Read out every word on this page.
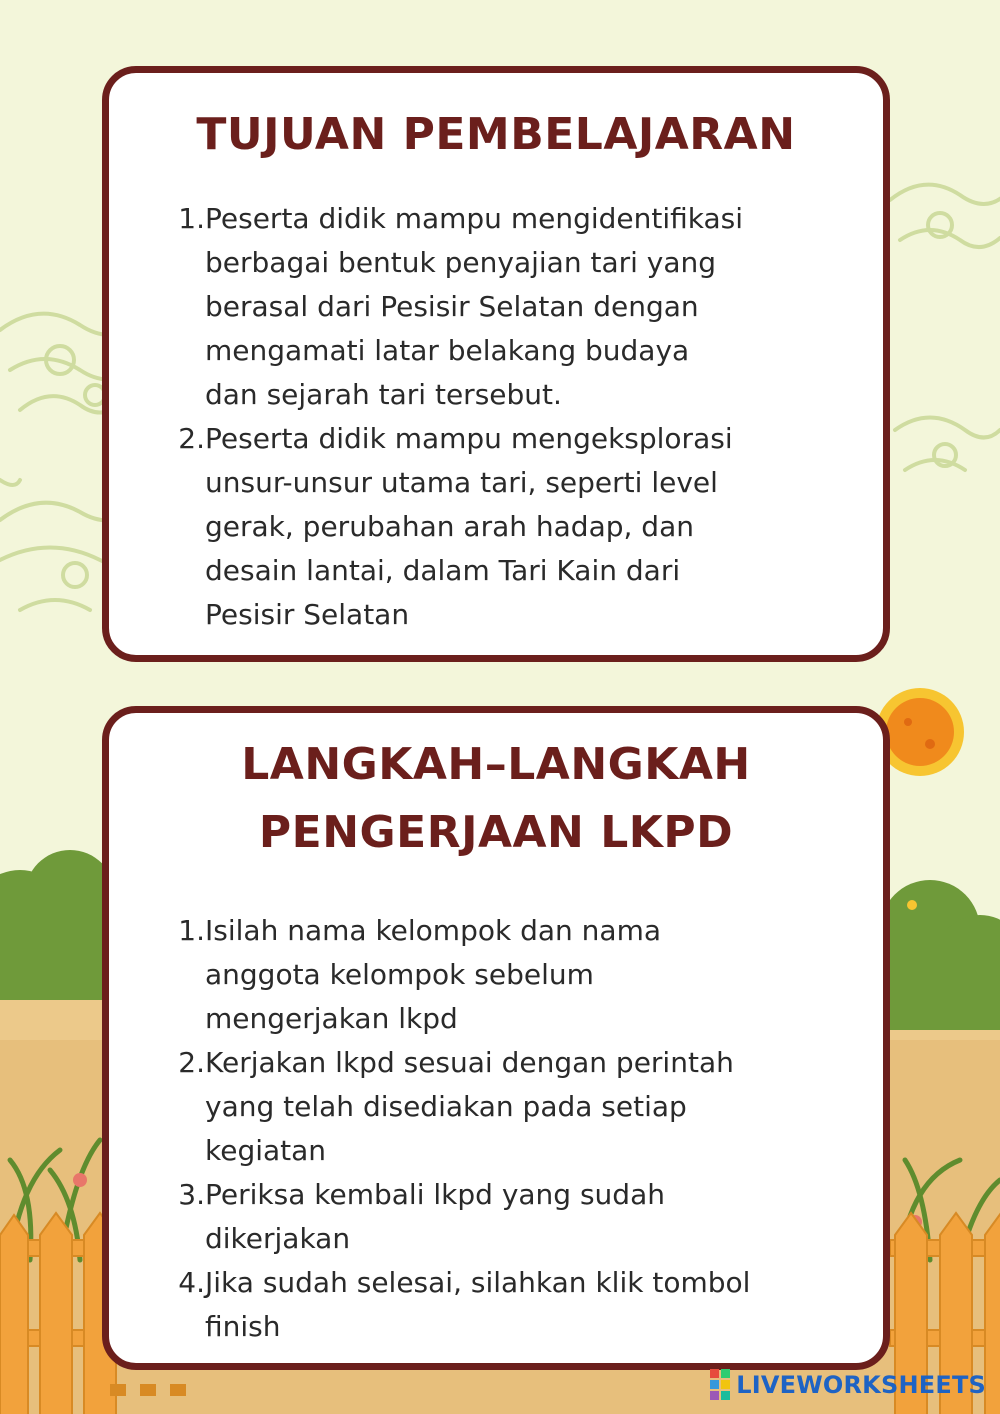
TUJUAN PEMBELAJARAN
1. Peserta didik mampu mengidentifikasi
berbagai bentuk penyajian tari yang
berasal dari Pesisir Selatan dengan
mengamati latar belakang budaya
dan sejarah tari tersebut.
2. Peserta didik mampu mengeksplorasi
unsur-unsur utama tari, seperti level
gerak, perubahan arah hadap, dan
desain lantai, dalam Tari Kain dari
Pesisir Selatan
LANGKAH–LANGKAH
PENGERJAAN LKPD
1. Isilah nama kelompok dan nama
anggota kelompok sebelum
mengerjakan lkpd
2. Kerjakan lkpd sesuai dengan perintah
yang telah disediakan pada setiap
kegiatan
3. Periksa kembali lkpd yang sudah
dikerjakan
4. Jika sudah selesai, silahkan klik tombol
finish
LIVEWORKSHEETS
